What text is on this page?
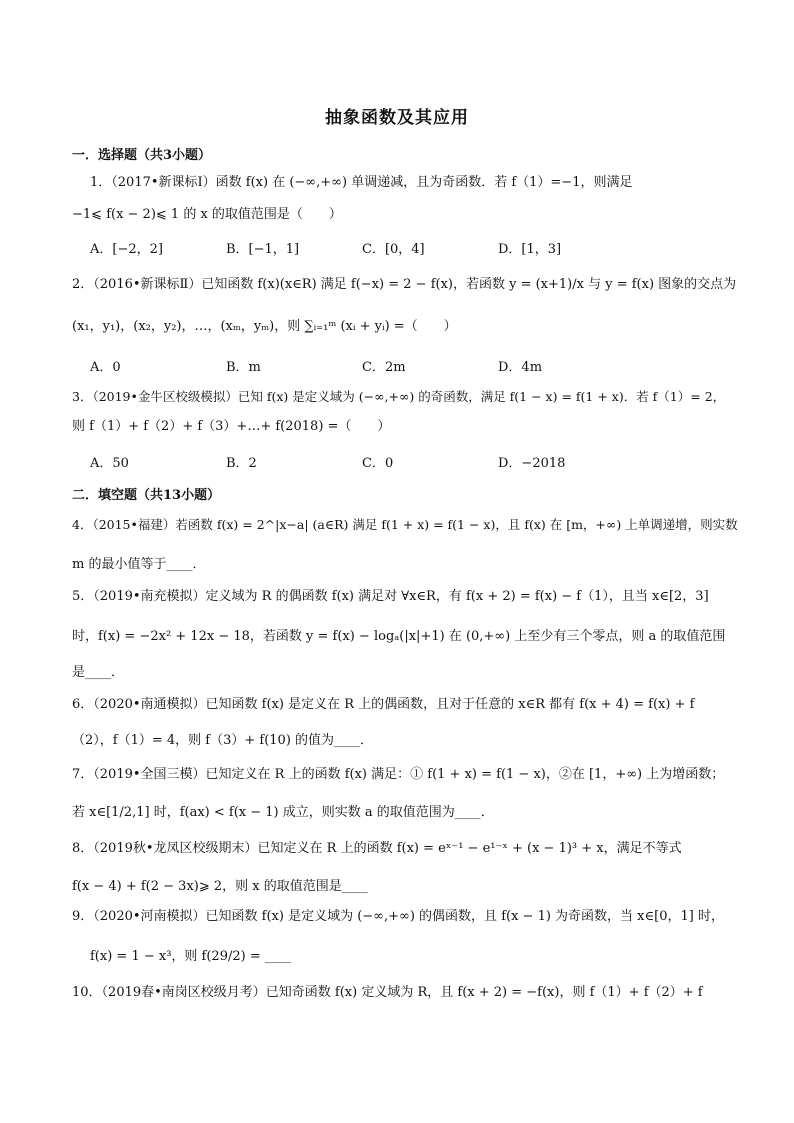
抽象函数及其应用
一．选择题（共3小题）
1．（2017•新课标Ⅰ）函数 f(x) 在 (−∞,+∞) 单调递减，且为奇函数．若 f（1）=−1，则满足
−1⩽ f(x − 2)⩽ 1 的 x 的取值范围是（　　）
A．[−2，2]	B．[−1，1]	C．[0，4]	D．[1，3]
2．（2016•新课标Ⅱ）已知函数 f(x)(x∈R) 满足 f(−x) = 2 − f(x)，若函数 y = (x+1)/x 与 y = f(x) 图象的交点为
(x₁，y₁)，(x₂，y₂)，…，(xₘ，yₘ)，则 ∑ᵢ₌₁ᵐ (xᵢ + yᵢ) =（　　）
A．0	B．m	C．2m	D．4m
3．（2019•金牛区校级模拟）已知 f(x) 是定义域为 (−∞,+∞) 的奇函数，满足 f(1 − x) = f(1 + x)．若 f（1）= 2，
则 f（1）+ f（2）+ f（3）+…+ f(2018) =（　　）
A．50	B．2	C．0	D．−2018
二．填空题（共13小题）
4．（2015•福建）若函数 f(x) = 2^|x−a| (a∈R) 满足 f(1 + x) = f(1 − x)，且 f(x) 在 [m，+∞) 上单调递增，则实数
m 的最小值等于____．
5．（2019•南充模拟）定义域为 R 的偶函数 f(x) 满足对 ∀x∈R，有 f(x + 2) = f(x) − f（1），且当 x∈[2，3]
时，f(x) = −2x² + 12x − 18，若函数 y = f(x) − logₐ(|x|+1) 在 (0,+∞) 上至少有三个零点，则 a 的取值范围
是____．
6．（2020•南通模拟）已知函数 f(x) 是定义在 R 上的偶函数，且对于任意的 x∈R 都有 f(x + 4) = f(x) + f
（2），f（1）= 4，则 f（3）+ f(10) 的值为____．
7．（2019•全国三模）已知定义在 R 上的函数 f(x) 满足：① f(1 + x) = f(1 − x)，②在 [1，+∞) 上为增函数；
若 x∈[1/2,1] 时，f(ax) < f(x − 1) 成立，则实数 a 的取值范围为____．
8．（2019秋•龙凤区校级期末）已知定义在 R 上的函数 f(x) = eˣ⁻¹ − e¹⁻ˣ + (x − 1)³ + x，满足不等式
f(x − 4) + f(2 − 3x)⩾ 2，则 x 的取值范围是____
9．（2020•河南模拟）已知函数 f(x) 是定义域为 (−∞,+∞) 的偶函数，且 f(x − 1) 为奇函数，当 x∈[0，1] 时，
f(x) = 1 − x³，则 f(29/2) = ____
10．（2019春•南岗区校级月考）已知奇函数 f(x) 定义域为 R，且 f(x + 2) = −f(x)，则 f（1）+ f（2）+ f
